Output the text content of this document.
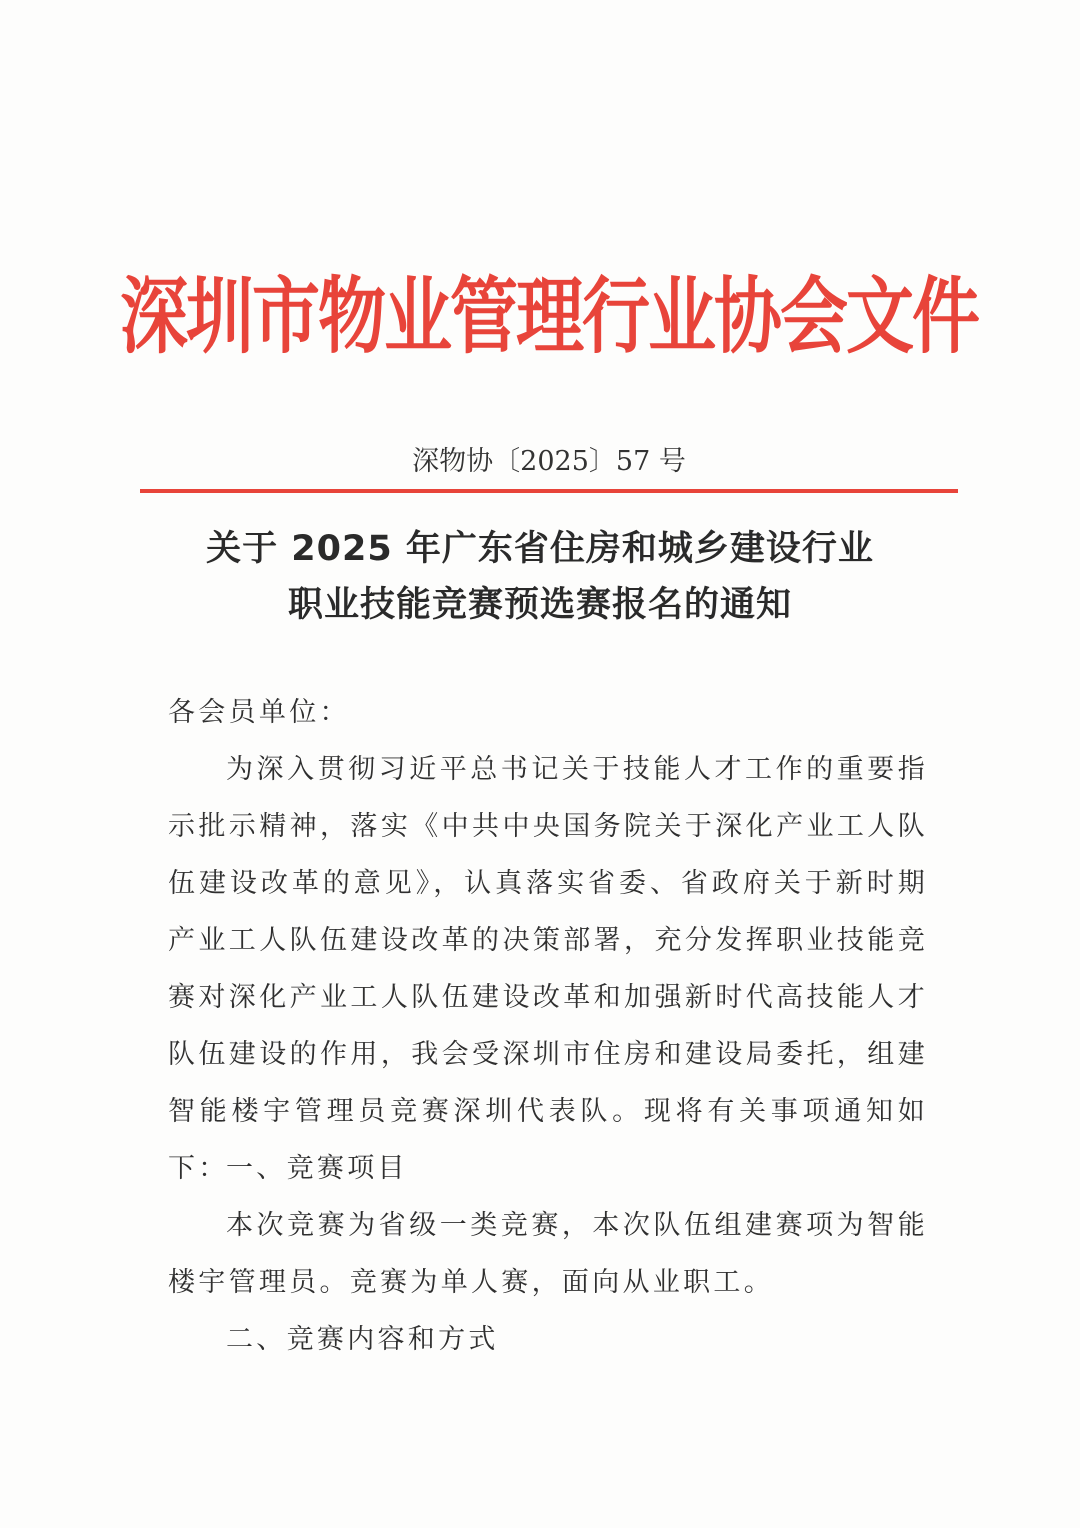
深圳市物业管理行业协会文件
深物协〔2025〕57 号
关于 2025 年广东省住房和城乡建设行业
职业技能竞赛预选赛报名的通知
各会员单位：
为深入贯彻习近平总书记关于技能人才工作的重要指示批示精神，落实《中共中央国务院关于深化产业工人队伍建设改革的意见》，认真落实省委、省政府关于新时期产业工人队伍建设改革的决策部署，充分发挥职业技能竞赛对深化产业工人队伍建设改革和加强新时代高技能人才队伍建设的作用，我会受深圳市住房和建设局委托，组建智能楼宇管理员竞赛深圳代表队。现将有关事项通知如下：
一、竞赛项目
本次竞赛为省级一类竞赛，本次队伍组建赛项为智能楼宇管理员。竞赛为单人赛，面向从业职工。
二、竞赛内容和方式
